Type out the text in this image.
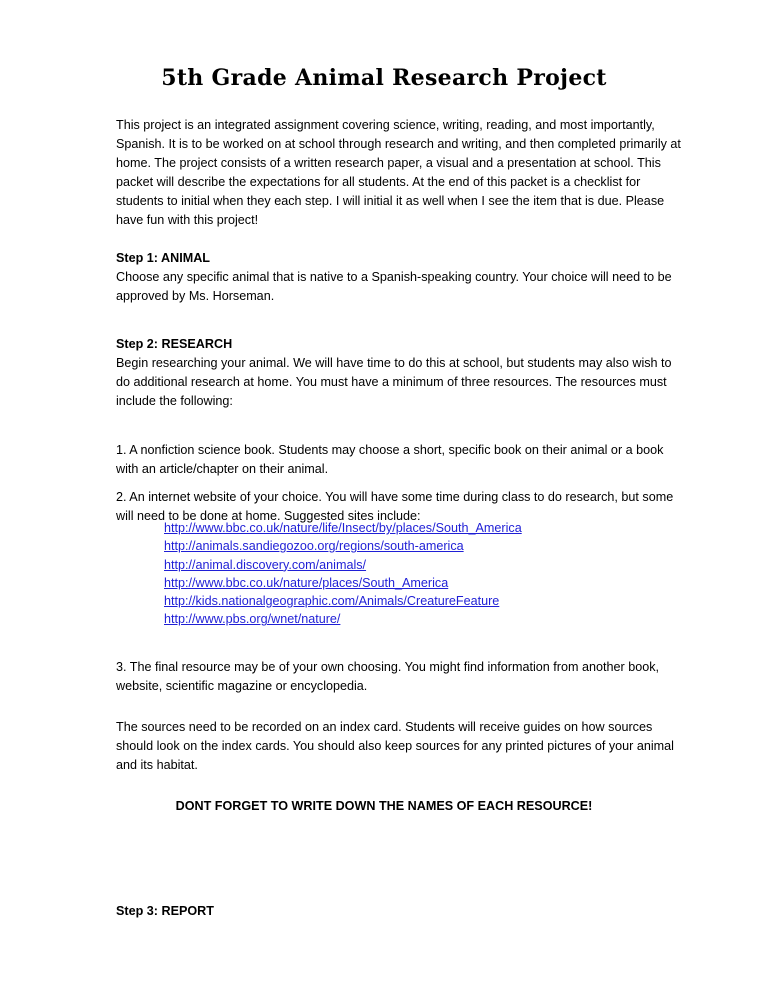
5th Grade Animal Research Project

This project is an integrated assignment covering science, writing, reading, and most importantly, Spanish. It is to be worked on at school through research and writing, and then completed primarily at home. The project consists of a written research paper, a visual and a presentation at school. This packet will describe the expectations for all students. At the end of this packet is a checklist for students to initial when they each step. I will initial it as well when I see the item that is due. Please have fun with this project!

Step 1: ANIMAL
Choose any specific animal that is native to a Spanish-speaking country. Your choice will need to be approved by Ms. Horseman.
Step 2: RESEARCH
Begin researching your animal. We will have time to do this at school, but students may also wish to do additional research at home. You must have a minimum of three resources. The resources must include the following:

1. A nonfiction science book. Students may choose a short, specific book on their animal or a book with an article/chapter on their animal.

2. An internet website of your choice. You will have some time during class to do research, but some will need to be done at home. Suggested sites include:

http://www.bbc.co.uk/nature/life/Insect/by/places/South_America
http://animals.sandiegozoo.org/regions/south-america
http://animal.discovery.com/animals/
http://www.bbc.co.uk/nature/places/South_America
http://kids.nationalgeographic.com/Animals/CreatureFeature
http://www.pbs.org/wnet/nature/

3. The final resource may be of your own choosing. You might find information from another book, website, scientific magazine or encyclopedia.

The sources need to be recorded on an index card. Students will receive guides on how sources should look on the index cards. You should also keep sources for any printed pictures of your animal and its habitat.

DONT FORGET TO WRITE DOWN THE NAMES OF EACH RESOURCE!
Step 3: REPORT
